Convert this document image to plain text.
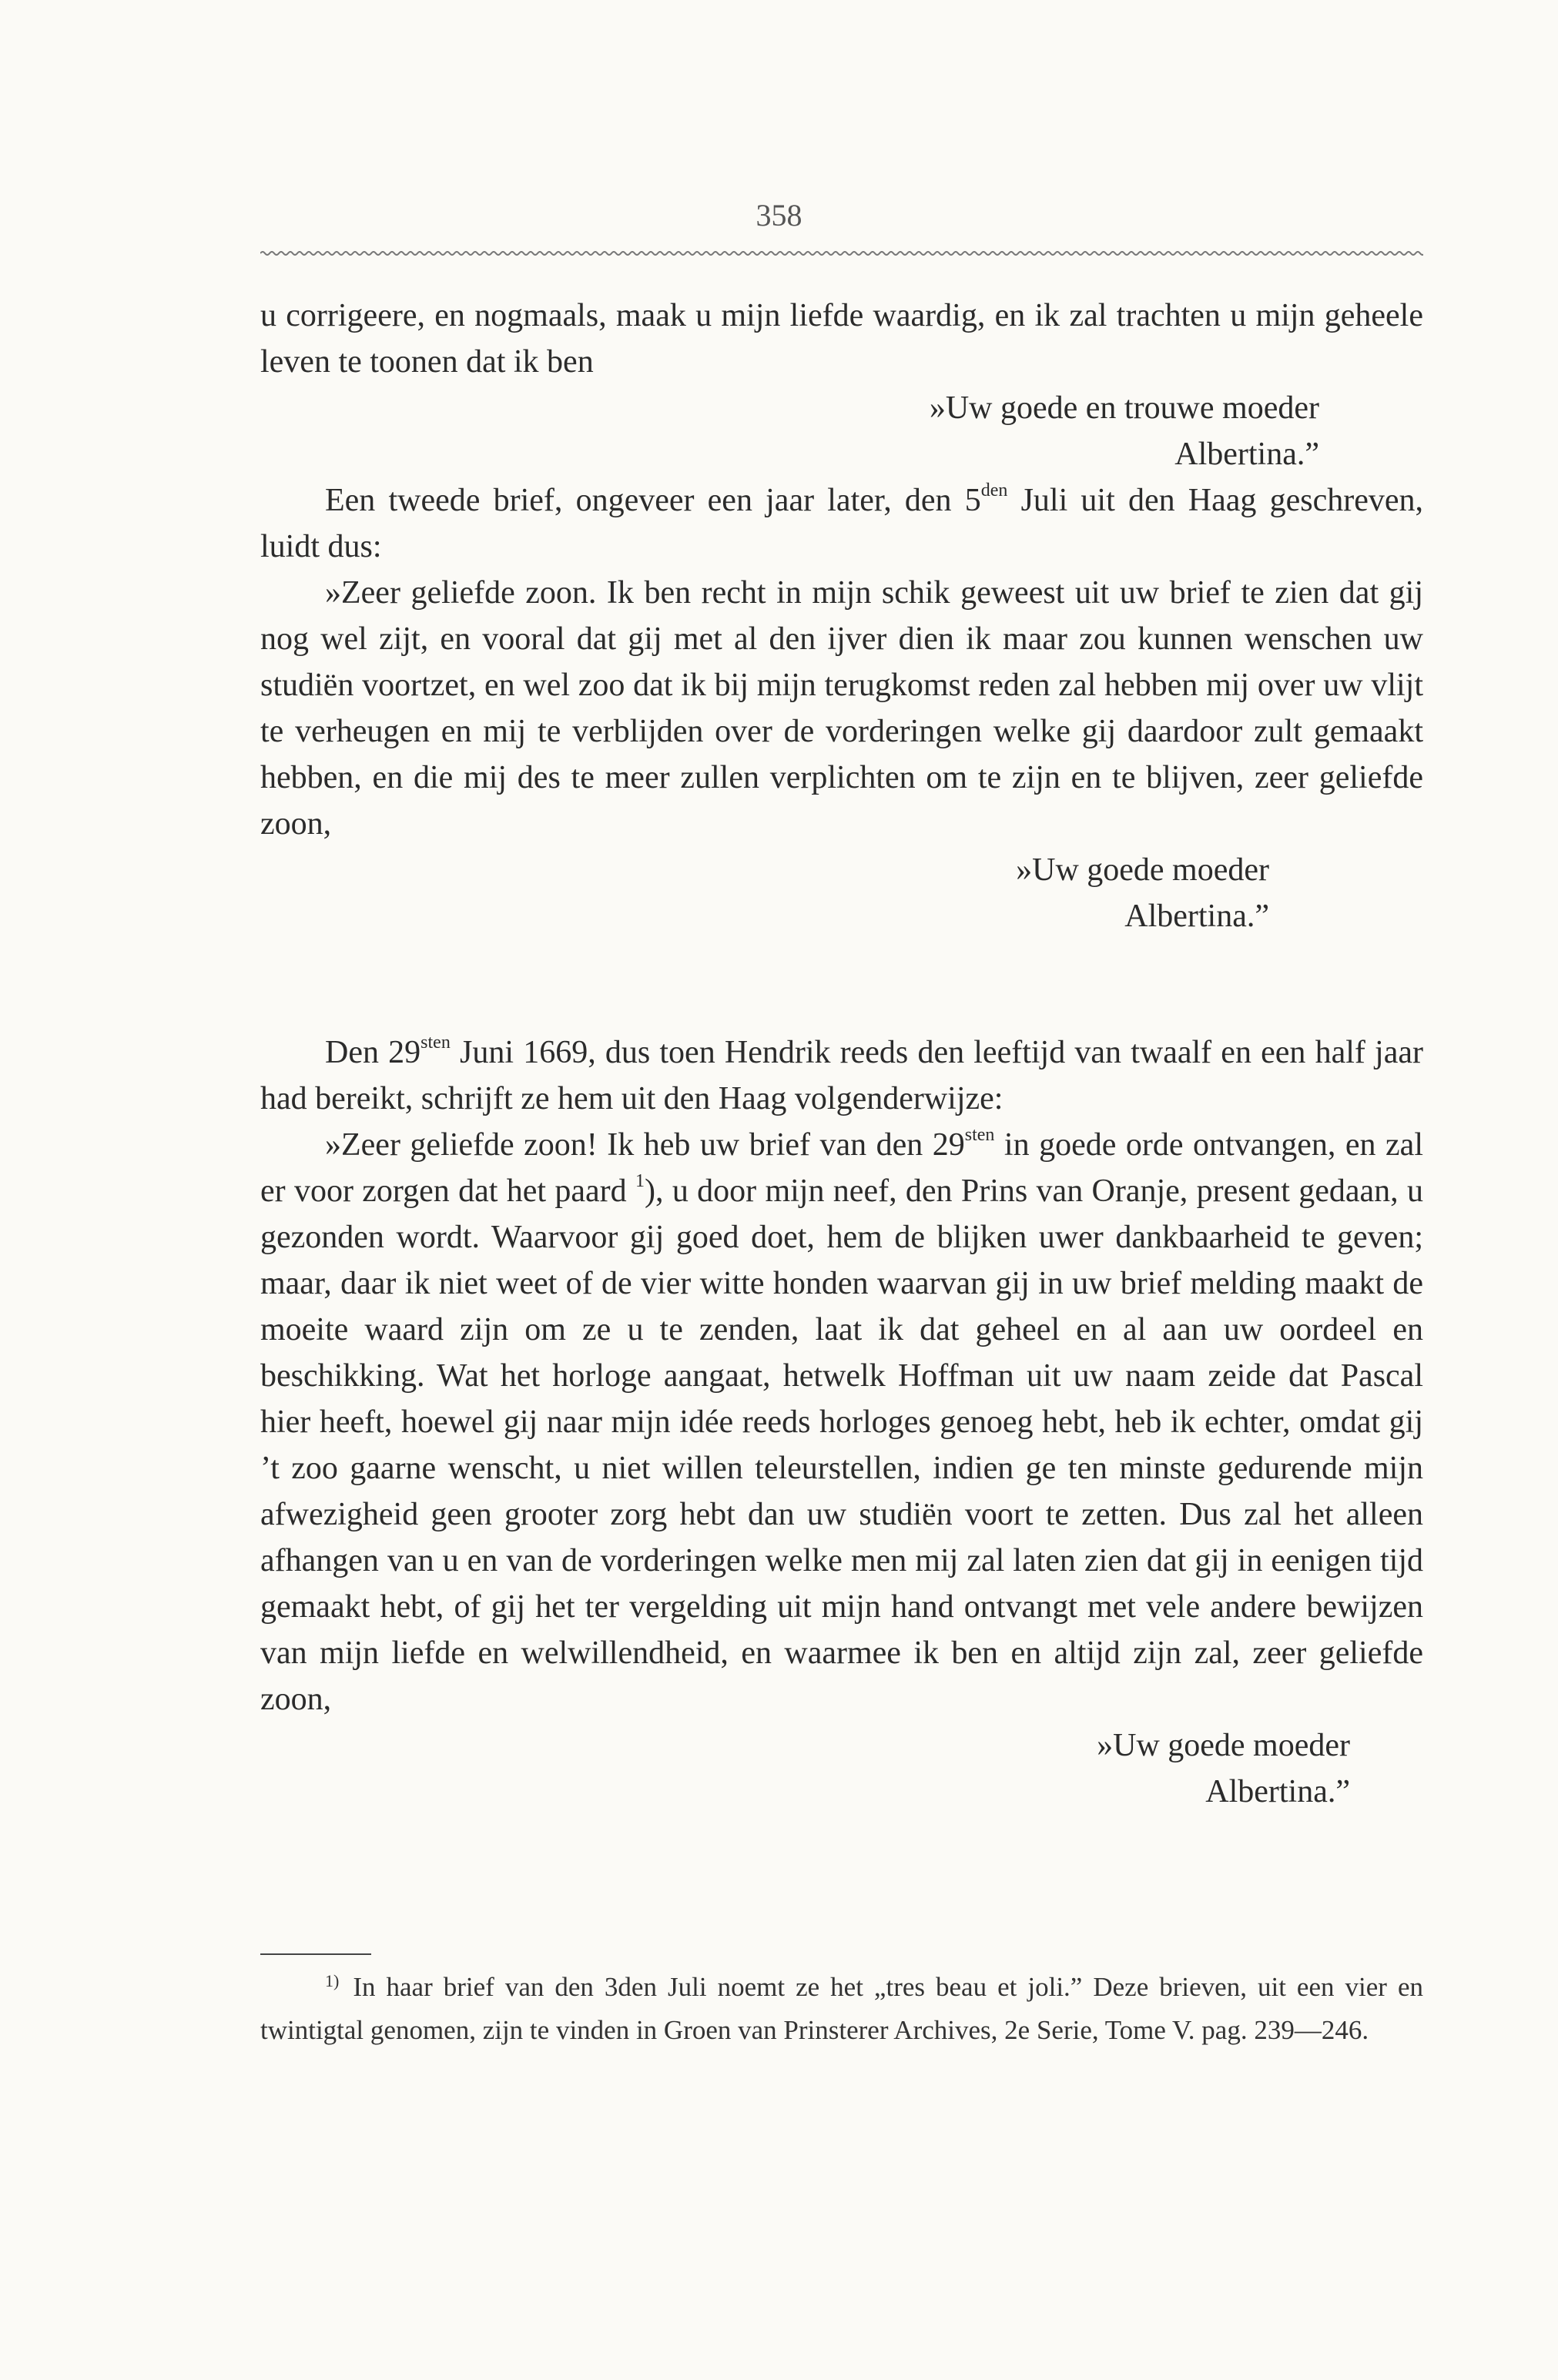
358

u corrigeere, en nogmaals, maak u mijn liefde waardig, en ik zal trachten u mijn geheele leven te toonen dat ik ben

»Uw goede en trouwe moeder

Albertina.”

Een tweede brief, ongeveer een jaar later, den $5^{den}$ Juli uit den Haag geschreven, luidt dus:

»Zeer geliefde zoon. Ik ben recht in mijn schik geweest uit uw brief te zien dat gij nog wel zijt, en vooral dat gij met al den ijver dien ik maar zou kunnen wenschen uw studiën voortzet, en wel zoo dat ik bij mijn terugkomst reden zal hebben mij over uw vlijt te verheugen en mij te verblijden over de vorderingen welke gij daardoor zult gemaakt hebben, en die mij des te meer zullen verplichten om te zijn en te blijven, zeer geliefde zoon,

»Uw goede moeder

Albertina.”

Den $29^{sten}$ Juni 1669, dus toen Hendrik reeds den leeftijd van twaalf en een half jaar had bereikt, schrijft ze hem uit den Haag volgenderwijze:

»Zeer geliefde zoon! Ik heb uw brief van den $29^{sten}$ in goede orde ontvangen, en zal er voor zorgen dat het paard $^1$), u door mijn neef, den Prins van Oranje, present gedaan, u gezonden wordt. Waarvoor gij goed doet, hem de blijken uwer dankbaarheid te geven; maar, daar ik niet weet of de vier witte honden waarvan gij in uw brief melding maakt de moeite waard zijn om ze u te zenden, laat ik dat geheel en al aan uw oordeel en beschikking. Wat het horloge aangaat, hetwelk Hoffman uit uw naam zeide dat Pascal hier heeft, hoewel gij naar mijn idée reeds horloges genoeg hebt, heb ik echter, omdat gij ’t zoo gaarne wenscht, u niet willen teleurstellen, indien ge ten minste gedurende mijn afwezigheid geen grooter zorg hebt dan uw studiën voort te zetten. Dus zal het alleen afhangen van u en van de vorderingen welke men mij zal laten zien dat gij in eenigen tijd gemaakt hebt, of gij het ter vergelding uit mijn hand ontvangt met vele andere bewijzen van mijn liefde en welwillendheid, en waarmee ik ben en altijd zijn zal, zeer geliefde zoon,

»Uw goede moeder

Albertina.”

$^{1)}$ In haar brief van den 3den Juli noemt ze het „tres beau et joli.” Deze brieven, uit een vier en twintigtal genomen, zijn te vinden in Groen van Prinsterer Archives, 2e Serie, Tome V. pag. 239—246.
